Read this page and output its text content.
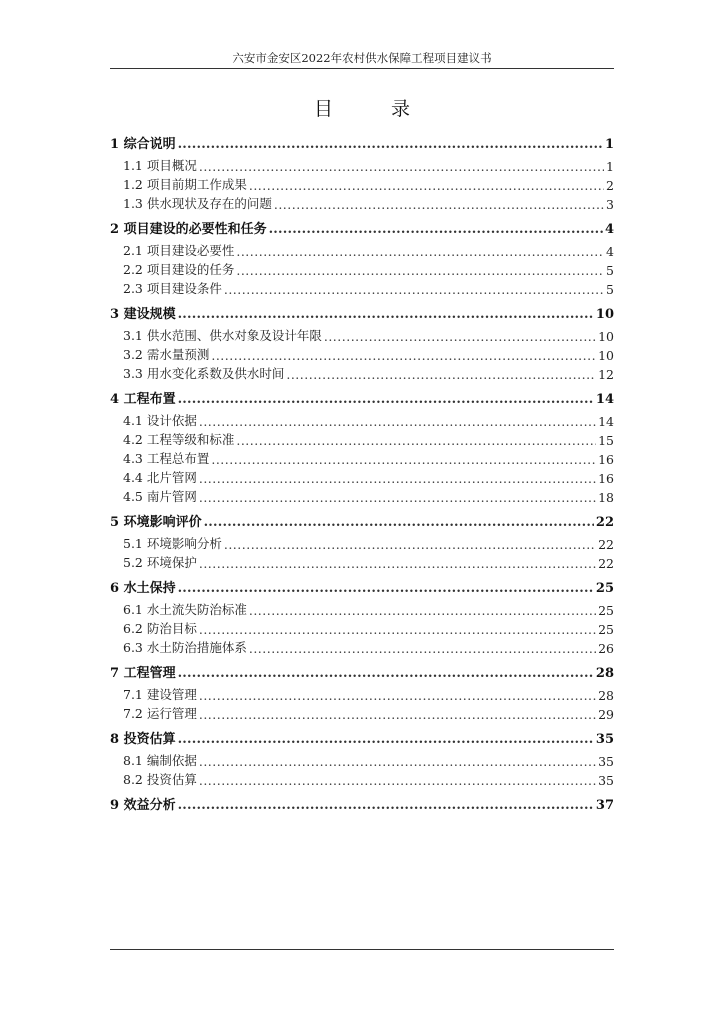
六安市金安区2022年农村供水保障工程项目建议书
目 录
1 综合说明 .....	1
1.1 项目概况 .....	1
1.2 项目前期工作成果 .....	2
1.3 供水现状及存在的问题 .....	3
2 项目建设的必要性和任务 .....	4
2.1 项目建设必要性 .....	4
2.2 项目建设的任务 .....	5
2.3 项目建设条件 .....	5
3 建设规模 .....	10
3.1 供水范围、供水对象及设计年限 .....	10
3.2 需水量预测 .....	10
3.3 用水变化系数及供水时间 .....	12
4 工程布置 .....	14
4.1 设计依据 .....	14
4.2 工程等级和标准 .....	15
4.3 工程总布置 .....	16
4.4 北片管网 .....	16
4.5 南片管网 .....	18
5 环境影响评价 .....	22
5.1 环境影响分析 .....	22
5.2 环境保护 .....	22
6 水土保持 .....	25
6.1 水土流失防治标准 .....	25
6.2 防治目标 .....	25
6.3 水土防治措施体系 .....	26
7 工程管理 .....	28
7.1 建设管理 .....	28
7.2 运行管理 .....	29
8 投资估算 .....	35
8.1 编制依据 .....	35
8.2 投资估算 .....	35
9 效益分析 .....	37
